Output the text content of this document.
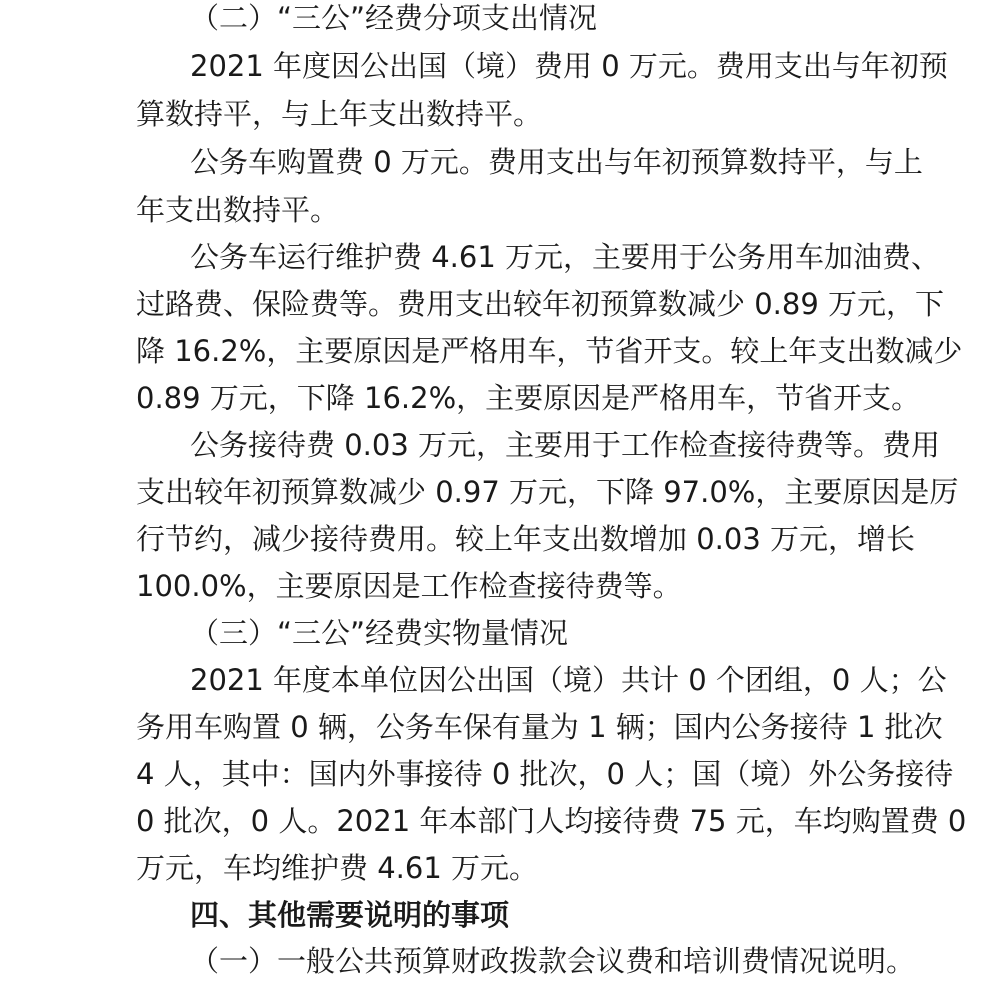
（二）“三公”经费分项支出情况
2021 年度因公出国（境）费用 0 万元。费用支出与年初预
算数持平，与上年支出数持平。
公务车购置费 0 万元。费用支出与年初预算数持平，与上
年支出数持平。
公务车运行维护费 4.61 万元，主要用于公务用车加油费、
过路费、保险费等。费用支出较年初预算数减少 0.89 万元，下
降 16.2%，主要原因是严格用车，节省开支。较上年支出数减少
0.89 万元，下降 16.2%，主要原因是严格用车，节省开支。
公务接待费 0.03 万元，主要用于工作检查接待费等。费用
支出较年初预算数减少 0.97 万元，下降 97.0%，主要原因是厉
行节约，减少接待费用。较上年支出数增加 0.03 万元，增长
100.0%，主要原因是工作检查接待费等。
（三）“三公”经费实物量情况
2021 年度本单位因公出国（境）共计 0 个团组，0 人；公
务用车购置 0 辆，公务车保有量为 1 辆；国内公务接待 1 批次
4 人，其中：国内外事接待 0 批次，0 人；国（境）外公务接待
0 批次，0 人。2021 年本部门人均接待费 75 元，车均购置费 0
万元，车均维护费 4.61 万元。
四、其他需要说明的事项
（一）一般公共预算财政拨款会议费和培训费情况说明。
